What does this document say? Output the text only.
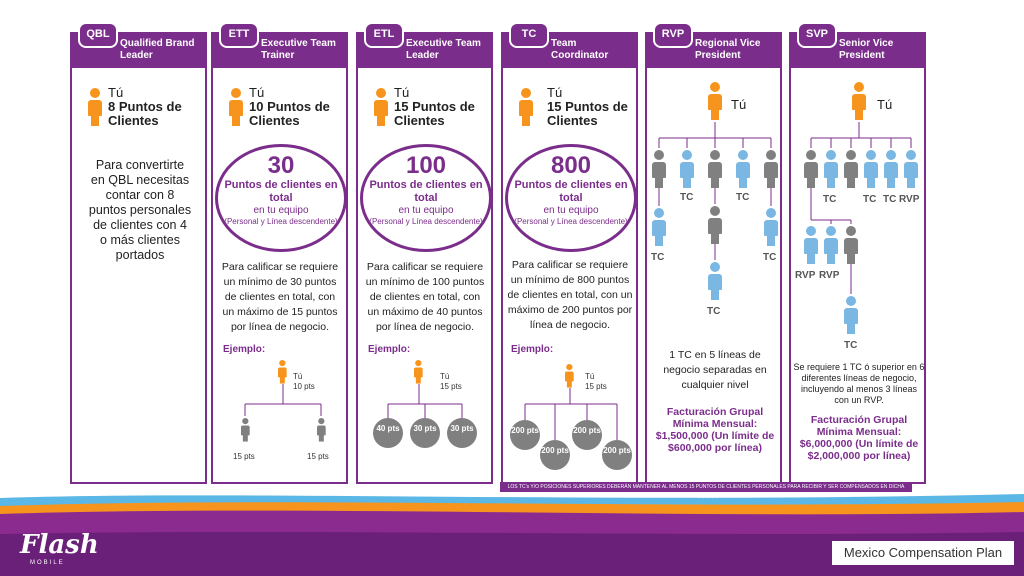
Qualified Brand Leader
QBL
Tú
8 Puntos de Clientes
Para convertirte en QBL necesitas contar con 8 puntos personales de clientes con 4 o más clientes portados
Executive Team Trainer
ETT
Tú
10 Puntos de Clientes
30
Puntos de clientes en total
en tu equipo
(Personal y Línea descendente)
Para calificar se requiere un mínimo de 30 puntos de clientes en total, con un máximo de 15 puntos por línea de negocio.
Ejemplo:
Tú
10 pts
15 pts	15 pts
Executive Team Leader
ETL
Tú
15 Puntos de Clientes
100
Puntos de clientes en total
en tu equipo
(Personal y Línea descendente)
Para calificar se requiere un mínimo de 100 puntos de clientes en total, con un máximo de 40 puntos por línea de negocio.
Ejemplo:
Tú
15 pts
40 pts	30 pts	30 pts
Team Coordinator
TC
Tú
15 Puntos de Clientes
800
Puntos de clientes en total
en tu equipo
(Personal y Línea descendente)
Para calificar se requiere un mínimo de 800 puntos de clientes en total, con un máximo de 200 puntos por línea de negocio.
Ejemplo:
Tú
15 pts
200 pts
200 pts
200 pts
200 pts
Regional Vice President
RVP
Tú
TC	TC
TC	TC
TC
1 TC en 5 líneas de negocio separadas en cualquier nivel
Facturación Grupal Mínima Mensual: $1,500,000 (Un límite de $600,000 por línea)
Senior Vice President
SVP
Tú
TC	TC TC RVP
RVP RVP
TC
Se requiere 1 TC ó superior en 6 diferentes líneas de negocio, incluyendo al menos 3 líneas con un RVP.
Facturación Grupal Mínima Mensual: $6,000,000 (Un límite de $2,000,000 por línea)
LOS TC's Y/O POSICIONES SUPERIORES DEBERÁN MANTENER AL MENOS 15 PUNTOS DE CLIENTES PERSONALES PARA RECIBIR Y SER COMPENSADOS EN DICHA POSICIÓN
Flash
MOBILE
Mexico Compensation Plan
